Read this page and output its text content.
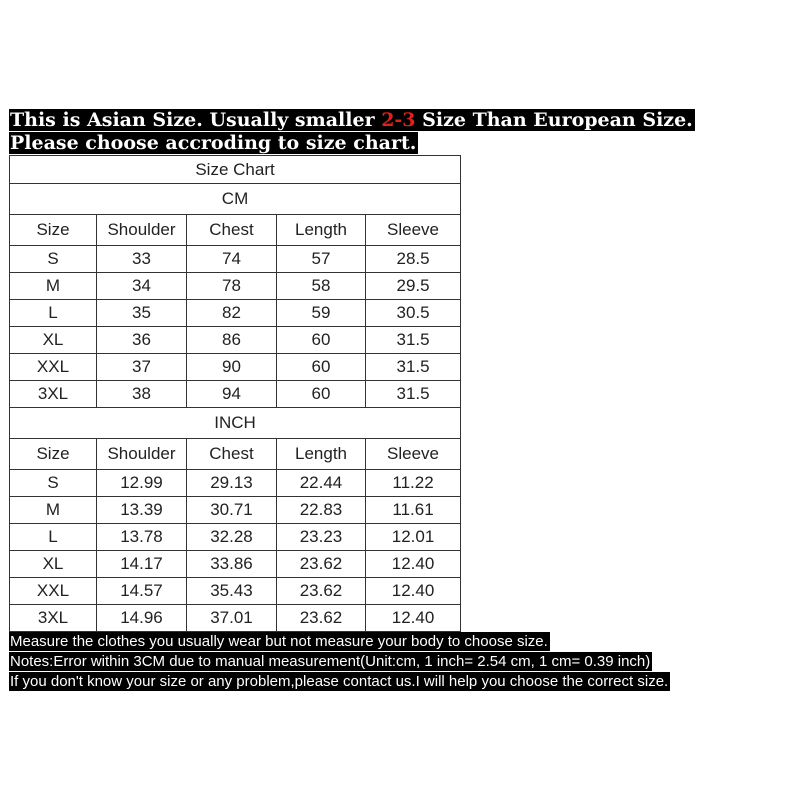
This is Asian Size. Usually smaller 2-3 Size Than European Size.
Please choose accroding to size chart.
Size Chart				
CM				
Size	Shoulder	Chest	Length	Sleeve
S	33	74	57	28.5
M	34	78	58	29.5
L	35	82	59	30.5
XL	36	86	60	31.5
XXL	37	90	60	31.5
3XL	38	94	60	31.5
INCH				
Size	Shoulder	Chest	Length	Sleeve
S	12.99	29.13	22.44	11.22
M	13.39	30.71	22.83	11.61
L	13.78	32.28	23.23	12.01
XL	14.17	33.86	23.62	12.40
XXL	14.57	35.43	23.62	12.40
3XL	14.96	37.01	23.62	12.40
Measure the clothes you usually wear but not measure your body to choose size.
Notes:Error within 3CM due to manual measurement(Unit:cm, 1 inch= 2.54 cm, 1 cm= 0.39 inch)
If you don't know your size or any problem,please contact us.I will help you choose the correct size.
